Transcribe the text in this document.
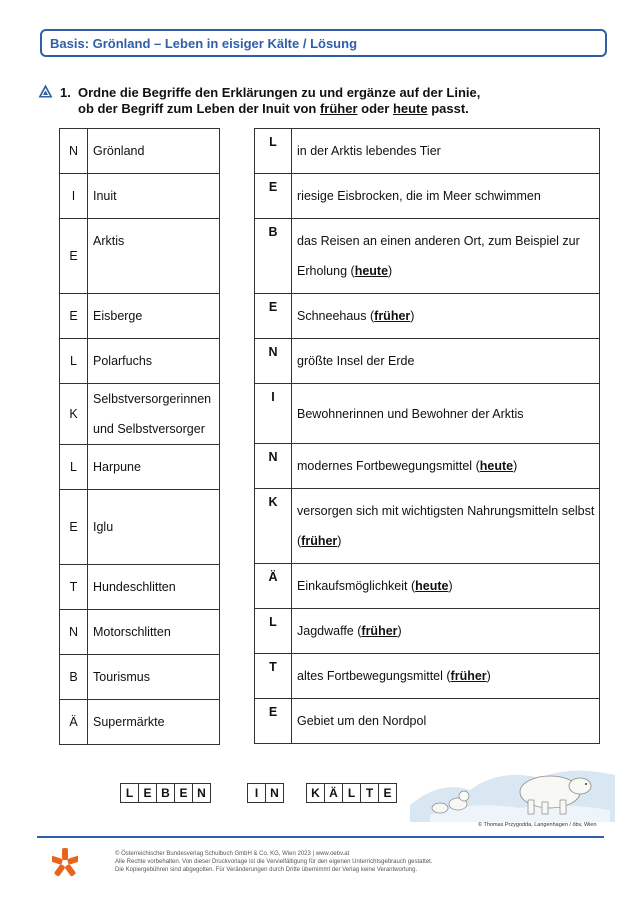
Basis: Grönland – Leben in eisiger Kälte / Lösung
1. Ordne die Begriffe den Erklärungen zu und ergänze auf der Linie,
ob der Begriff zum Leben der Inuit von früher oder heute passt.
N	Grönland
I	Inuit
E	Arktis
E	Eisberge
L	Polarfuchs
K	Selbstversorgerinnen und Selbstversorger
L	Harpune
E	Iglu
T	Hundeschlitten
N	Motorschlitten
B	Tourismus
Ä	Supermärkte
L	in der Arktis lebendes Tier
E	riesige Eisbrocken, die im Meer schwimmen
B	das Reisen an einen anderen Ort, zum Beispiel zur Erholung (heute)
E	Schneehaus (früher)
N	größte Insel der Erde
I	Bewohnerinnen und Bewohner der Arktis
N	modernes Fortbewegungsmittel (heute)
K	versorgen sich mit wichtigsten Nahrungsmitteln selbst (früher)
Ä	Einkaufsmöglichkeit (heute)
L	Jagdwaffe (früher)
T	altes Fortbewegungsmittel (früher)
E	Gebiet um den Nordpol
L E B E N	I N	K Ä L T E
© Thomas Przygodda, Langenhagen / öbv, Wien
© Österreichischer Bundesverlag Schulbuch GmbH & Co. KG, Wien 2023 | www.oebv.at
Alle Rechte vorbehalten. Von dieser Druckvorlage ist die Vervielfältigung für den eigenen Unterrichtsgebrauch gestattet.
Die Kopiergebühren sind abgegolten. Für Veränderungen durch Dritte übernimmt der Verlag keine Verantwortung.
